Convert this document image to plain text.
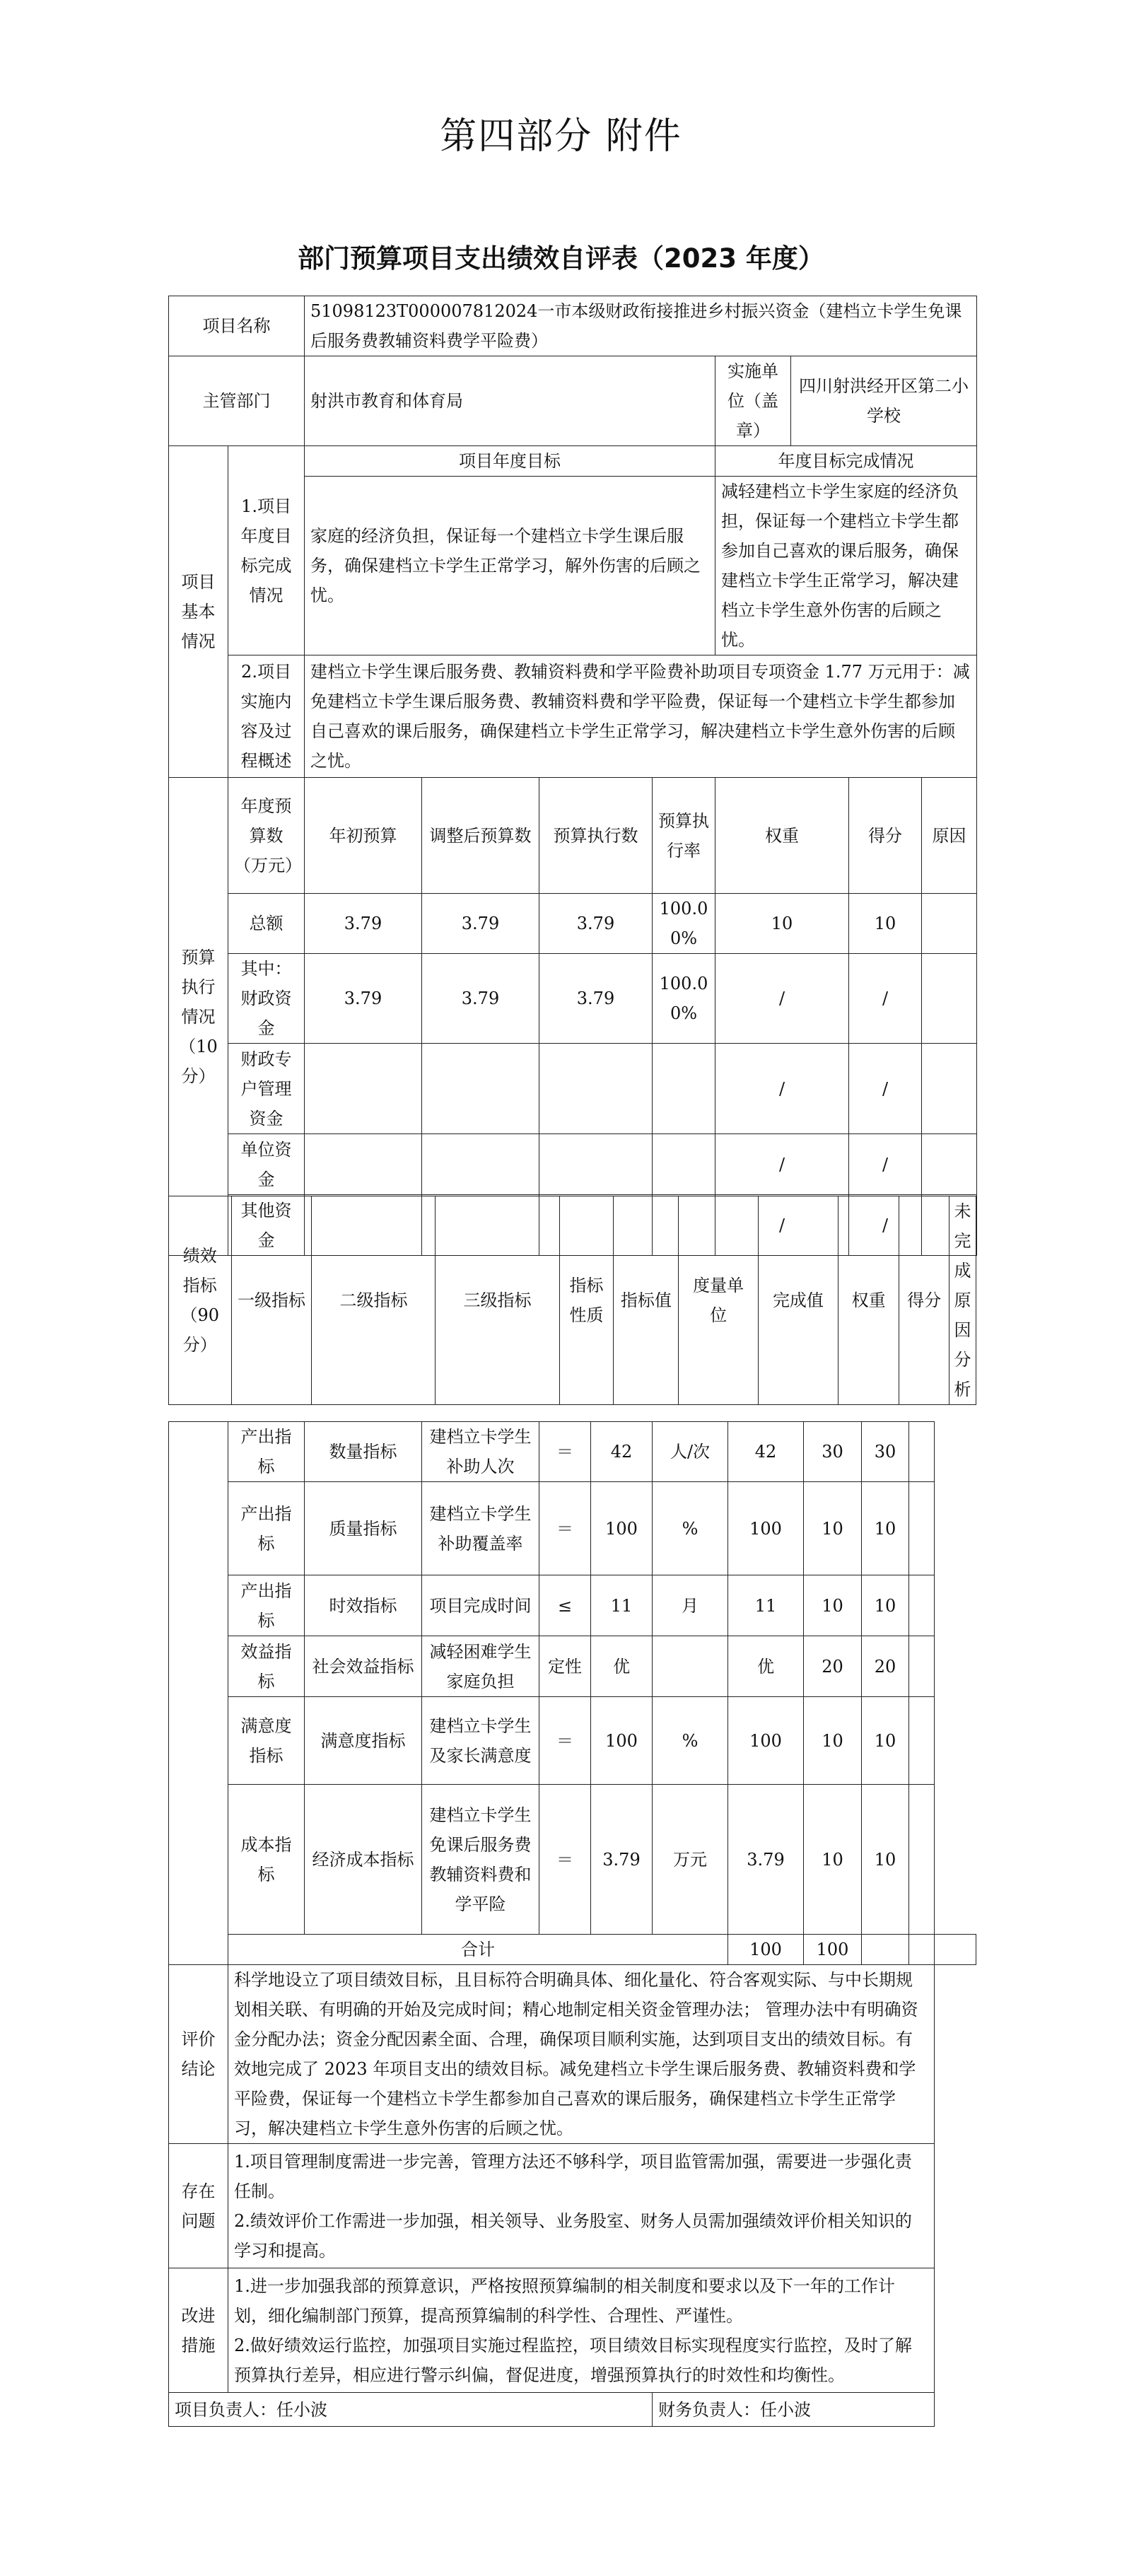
第四部分 附件
部门预算项目支出绩效自评表（2023 年度）
项目名称		51098123T000007812024一市本级财政衔接推进乡村振兴资金（建档立卡学生免课后服务费教辅资料费学平险费）							
主管部门		射洪市教育和体育局				实施单位（盖章）	四川射洪经开区第二小学校		
项目基本情况	1.项目年度目标完成情况	项目年度目标				年度目标完成情况			
		家庭的经济负担，保证每一个建档立卡学生课后服务，确保建档立卡学生正常学习，解外伤害的后顾之忧。				减轻建档立卡学生家庭的经济负担，保证每一个建档立卡学生都参加自己喜欢的课后服务，确保建档立卡学生正常学习，解决建档立卡学生意外伤害的后顾之忧。			
	2.项目实施内容及过程概述	建档立卡学生课后服务费、教辅资料费和学平险费补助项目专项资金 1.77 万元用于：减免建档立卡学生课后服务费、教辅资料费和学平险费，保证每一个建档立卡学生都参加自己喜欢的课后服务，确保建档立卡学生正常学习，解决建档立卡学生意外伤害的后顾之忧。							
预算执行情况（10分）	年度预算数（万元）	年初预算	调整后预算数	预算执行数	预算执行率	权重		得分	原因
	总额	3.79	3.79	3.79	100.00%	10		10	
	其中：财政资金	3.79	3.79	3.79	100.00%	/		/	
	财政专户管理资金					/		/	
	单位资金					/		/	
	其他资金					/		/	
绩效指标（90分）	一级指标	二级指标	三级指标	指标性质	指标值	度量单位	完成值	权重	得分	未完成原因分析
	产出指标	数量指标	建档立卡学生补助人次	＝	42	人/次	42	30	30		
	产出指标	质量指标	建档立卡学生补助覆盖率	＝	100	%	100	10	10		
	产出指标	时效指标	项目完成时间	≤	11	月	11	10	10		
	效益指标	社会效益指标	减轻困难学生家庭负担	定性	优		优	20	20		
	满意度指标	满意度指标	建档立卡学生及家长满意度	＝	100	%	100	10	10		
	成本指标	经济成本指标	建档立卡学生免课后服务费教辅资料费和学平险	＝	3.79	万元	3.79	10	10		
	合计						100	100			
评价结论	科学地设立了项目绩效目标，且目标符合明确具体、细化量化、符合客观实际、与中长期规划相关联、有明确的开始及完成时间；精心地制定相关资金管理办法； 管理办法中有明确资金分配办法；资金分配因素全面、合理，确保项目顺利实施，达到项目支出的绩效目标。有效地完成了 2023 年项目支出的绩效目标。减免建档立卡学生课后服务费、教辅资料费和学平险费，保证每一个建档立卡学生都参加自己喜欢的课后服务，确保建档立卡学生正常学习，解决建档立卡学生意外伤害的后顾之忧。										
存在问题	1.项目管理制度需进一步完善，管理方法还不够科学，项目监管需加强，需要进一步强化责任制。
2.绩效评价工作需进一步加强，相关领导、业务股室、财务人员需加强绩效评价相关知识的学习和提高。										

改进措施	1.进一步加强我部的预算意识，严格按照预算编制的相关制度和要求以及下一年的工作计划，细化编制部门预算，提高预算编制的科学性、合理性、严谨性。
2.做好绩效运行监控，加强项目实施过程监控，项目绩效目标实现程度实行监控，及时了解预算执行差异，相应进行警示纠偏，督促进度，增强预算执行的时效性和均衡性。										

项目负责人：任小波						财务负责人：任小波					
